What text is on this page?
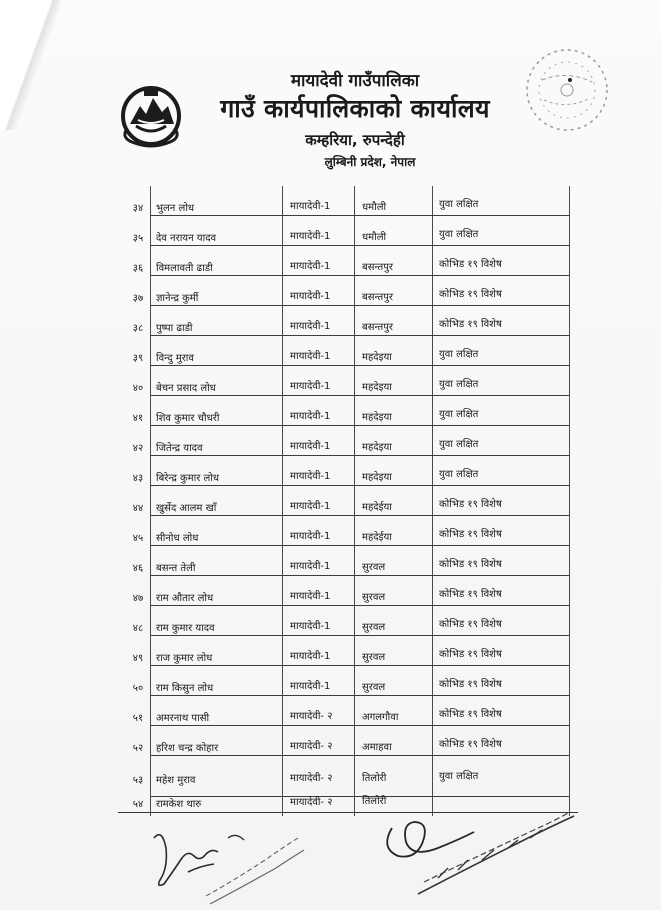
मायादेवी गाउँपालिका
गाउँ कार्यपालिकाको कार्यालय
कम्हरिया, रुपन्देही
लुम्बिनी प्रदेश, नेपाल
३४	भुलन लोध	मायादेवी-1	धमौली	युवा लक्षित
३५	देव नरायन यादव	मायादेवी-1	धमौली	युवा लक्षित
३६	विमलावती ढाडी	मायादेवी-1	बसन्तपुर	कोभिड १९ विशेष
३७	ज्ञानेन्द्र कुर्मी	मायादेवी-1	बसन्तपुर	कोभिड १९ विशेष
३८	पुष्पा ढाडी	मायादेवी-1	बसन्तपुर	कोभिड १९ विशेष
३९	विन्दु मुराव	मायादेवी-1	महदेइया	युवा लक्षित
४०	बेचन प्रसाद लोध	मायादेवी-1	महदेइया	युवा लक्षित
४१	शिव कुमार चौधरी	मायादेवी-1	महदेइया	युवा लक्षित
४२	जितेन्द्र यादव	मायादेवी-1	महदेइया	युवा लक्षित
४३	बिरेन्द्र कुमार लोध	मायादेवी-1	महदेइया	युवा लक्षित
४४	खुर्सेद आलम खाँ	मायादेवी-1	महदेईया	कोभिड १९ विशेष
४५	सीनोध लोध	मायादेवी-1	महदेईया	कोभिड १९ विशेष
४६	बसन्त तेली	मायादेवी-1	सुरवल	कोभिड १९ विशेष
४७	राम औतार लोध	मायादेवी-1	सुरवल	कोभिड १९ विशेष
४८	राम कुमार यादव	मायादेवी-1	सुरवल	कोभिड १९ विशेष
४९	राज कुमार लोध	मायादेवी-1	सुरवल	कोभिड १९ विशेष
५०	राम किसुन लोध	मायादेवी-1	सुरवल	कोभिड १९ विशेष
५१	अमरनाथ पासी	मायादेवी- २	अगलगौवा	कोभिड १९ विशेष
५२	हरिश चन्द्र कोहार	मायादेवी- २	अमाहवा	कोभिड १९ विशेष
५३	महेश मुराव	मायादेवी- २	तिलोरी	युवा लक्षित
५४	रामकेश थारु	मायादेवी- २	तिलोरी
